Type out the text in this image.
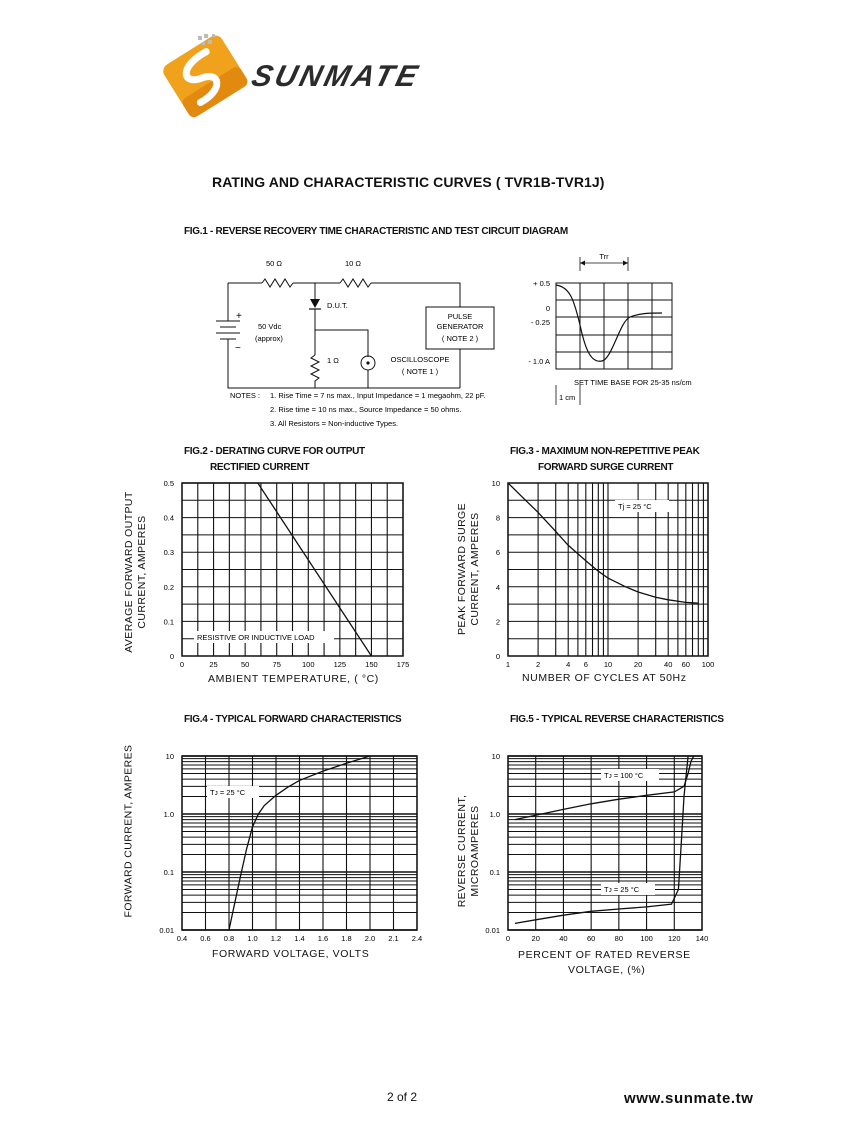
SUNMATE
RATING AND CHARACTERISTIC CURVES ( TVR1B-TVR1J)
FIG.1 - REVERSE RECOVERY TIME CHARACTERISTIC AND TEST CIRCUIT DIAGRAM
50 Ω	10 Ω
D.U.T.
+
−
50 Vdc
(approx)
1 Ω
PULSE
GENERATOR
( NOTE 2 )
OSCILLOSCOPE
( NOTE 1 )
NOTES : 1. Rise Time = 7 ns max., Input Impedance = 1 megaohm, 22 pF.
2. Rise time = 10 ns max., Source Impedance = 50 ohms.
3. All Resistors = Non-inductive Types.
Trr
+ 0.5
0
- 0.25
- 1.0 A
SET TIME BASE FOR 25-35 ns/cm
1 cm
FIG.2 - DERATING CURVE FOR OUTPUT
RECTIFIED CURRENT
AVERAGE FORWARD OUTPUT CURRENT, AMPERES
0	25	50	75	100	125	150	175
0
0.1
0.2
0.3
0.4
0.5
RESISTIVE OR INDUCTIVE LOAD
AMBIENT TEMPERATURE, ( °C)
FIG.3 - MAXIMUM NON-REPETITIVE PEAK
FORWARD SURGE CURRENT
PEAK FORWARD SURGE CURRENT, AMPERES
1	2	4 6 10	20	40 60 100
0
2
4
6
8
10
Tj = 25 °C
NUMBER OF CYCLES AT 50Hz
FIG.4 - TYPICAL FORWARD CHARACTERISTICS
FORWARD CURRENT, AMPERES
0.4 0.6 0.8 1.0 1.2 1.4 1.6 1.8 2.0 2.1 2.4
0.01
0.1
1.0
10
Tᴊ = 25 °C
FORWARD VOLTAGE, VOLTS
FIG.5 - TYPICAL REVERSE CHARACTERISTICS
REVERSE CURRENT, MICROAMPERES
0	20	40	60	80 100 120 140
0.01
0.1
1.0
10
Tᴊ = 100 °C
Tᴊ = 25 °C
PERCENT OF RATED REVERSE
VOLTAGE, (%)
2 of 2	www.sunmate.tw
